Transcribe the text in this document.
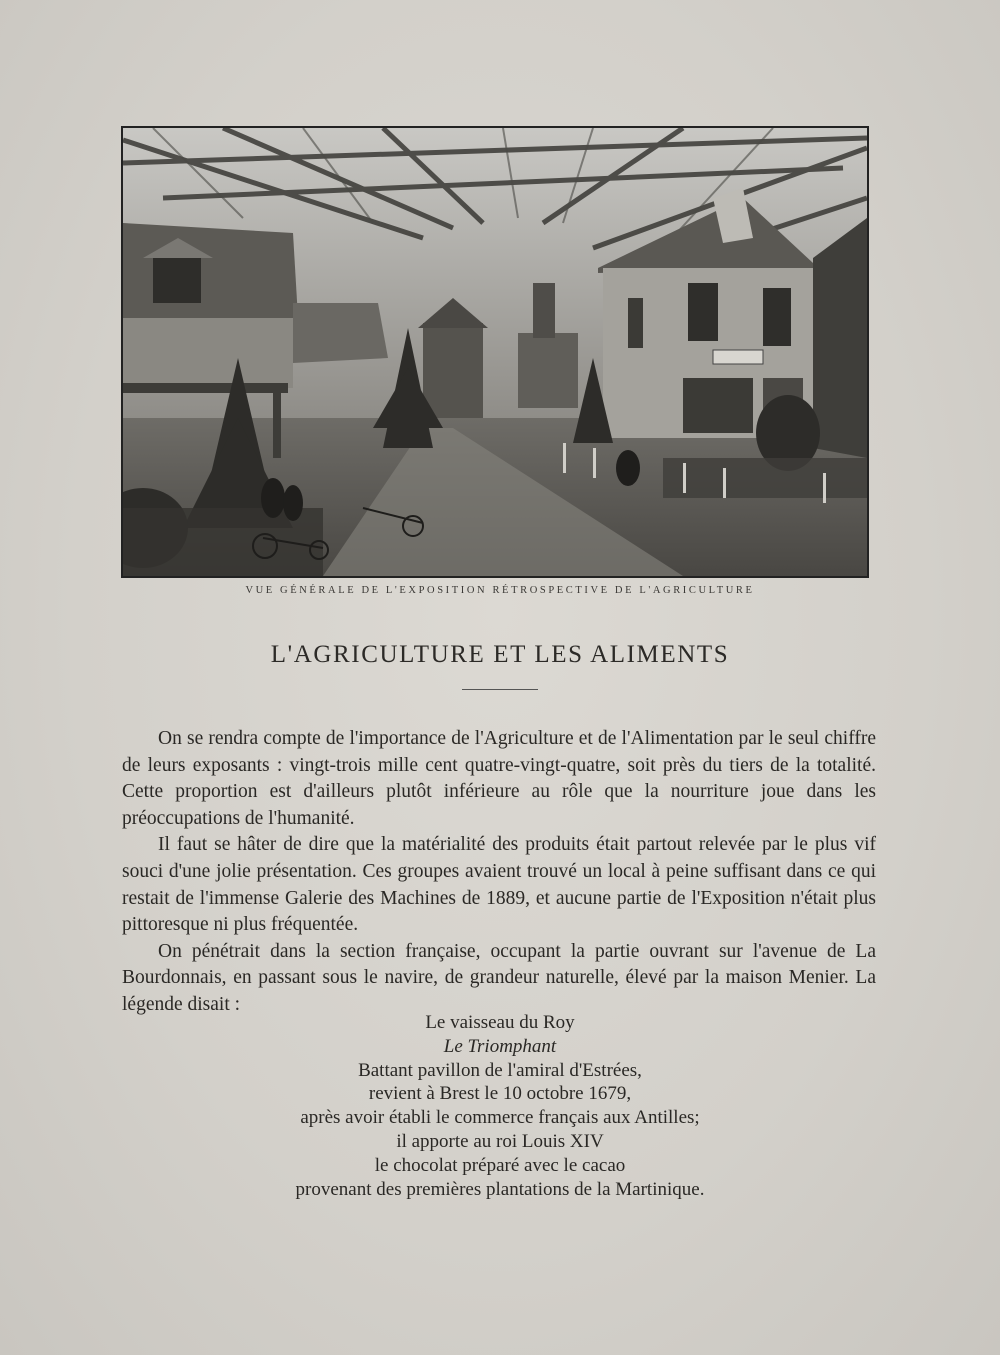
VUE GÉNÉRALE DE L'EXPOSITION RÉTROSPECTIVE DE L'AGRICULTURE
L'AGRICULTURE ET LES ALIMENTS

On se rendra compte de l'importance de l'Agriculture et de l'Alimentation par le seul chiffre de leurs exposants : vingt-trois mille cent quatre-vingt-quatre, soit près du tiers de la totalité. Cette proportion est d'ailleurs plutôt inférieure au rôle que la nourriture joue dans les préoccupations de l'humanité.

Il faut se hâter de dire que la matérialité des produits était partout relevée par le plus vif souci d'une jolie présentation. Ces groupes avaient trouvé un local à peine suffisant dans ce qui restait de l'immense Galerie des Machines de 1889, et aucune partie de l'Exposition n'était plus pittoresque ni plus fréquentée.

On pénétrait dans la section française, occupant la partie ouvrant sur l'avenue de La Bourdonnais, en passant sous le navire, de grandeur naturelle, élevé par la maison Menier. La légende disait :

Le vaisseau du Roy
Le Triomphant
Battant pavillon de l'amiral d'Estrées,
revient à Brest le 10 octobre 1679,
après avoir établi le commerce français aux Antilles;
il apporte au roi Louis XIV
le chocolat préparé avec le cacao
provenant des premières plantations de la Martinique.
